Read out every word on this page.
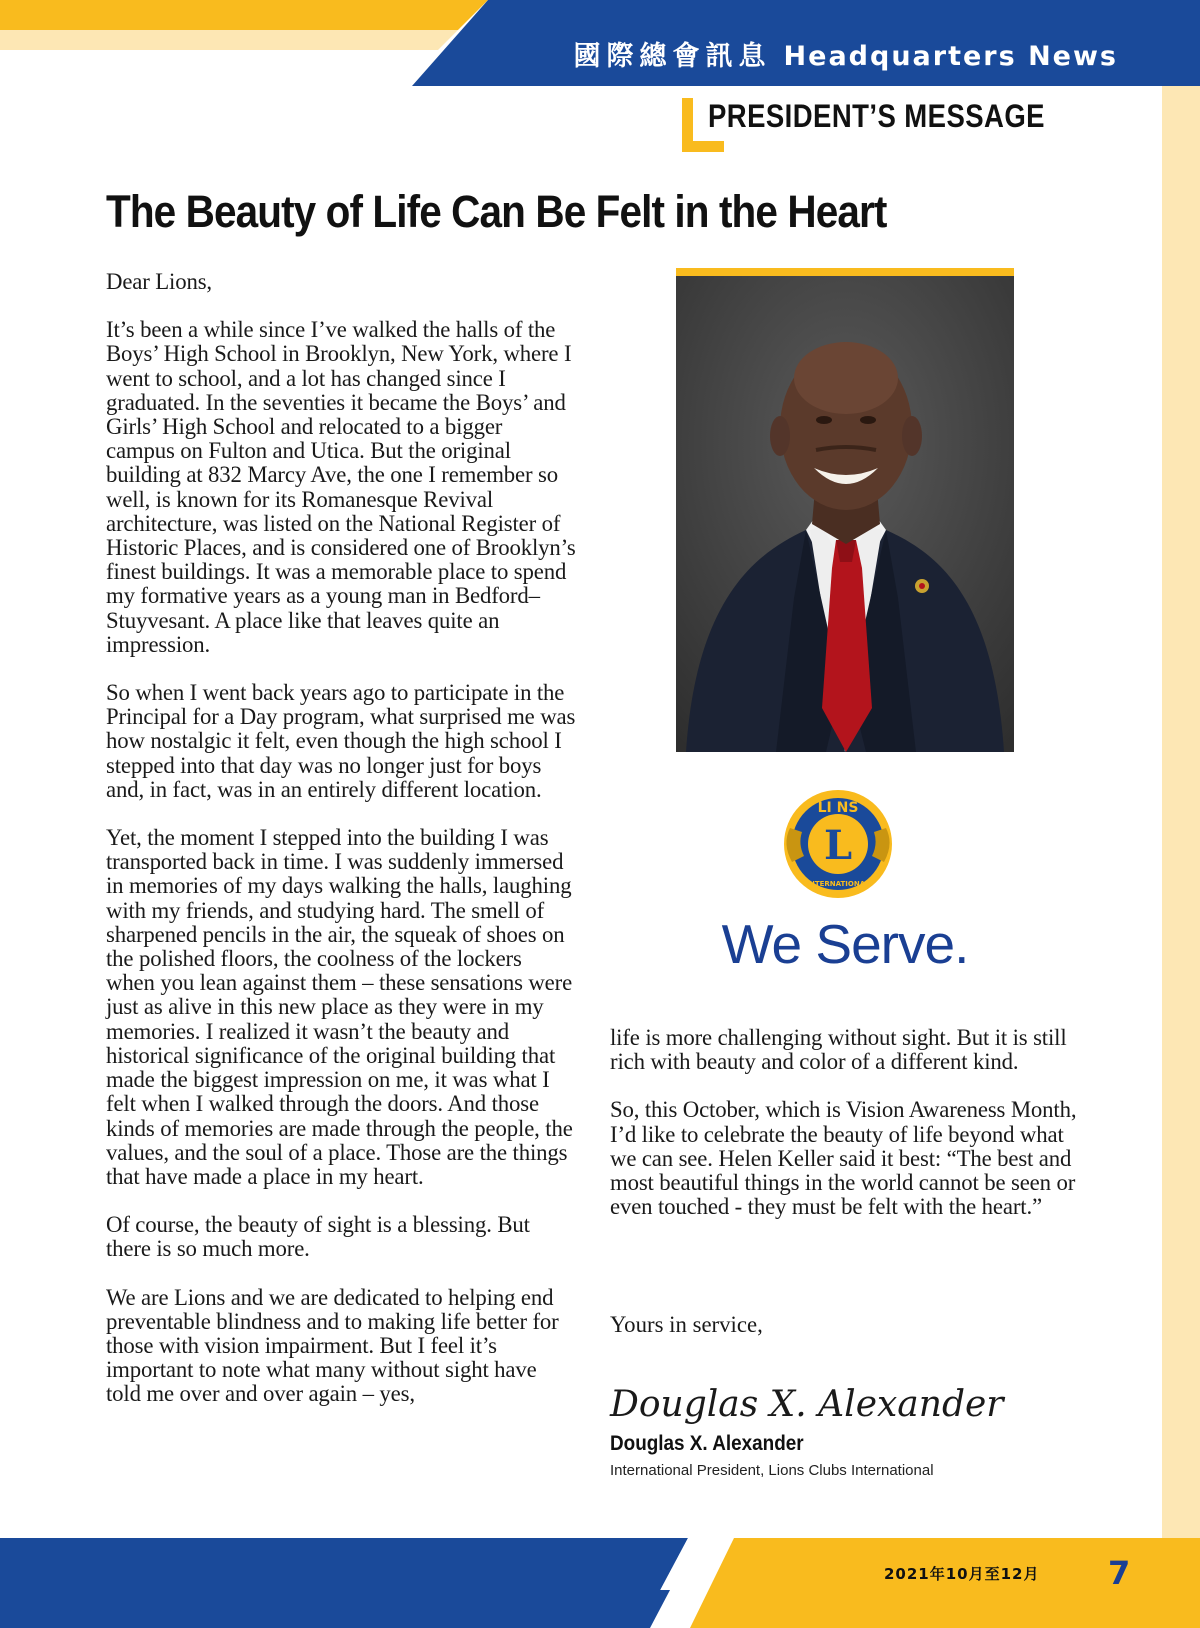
國際總會訊息 Headquarters News
PRESIDENT’S MESSAGE
The Beauty of Life Can Be Felt in the Heart

Dear Lions,

It’s been a while since I’ve walked the halls of the Boys’ High School in Brooklyn, New York, where I went to school, and a lot has changed since I graduated. In the seventies it became the Boys’ and Girls’ High School and relocated to a bigger campus on Fulton and Utica. But the original building at 832 Marcy Ave, the one I remember so well, is known for its Romanesque Revival architecture, was listed on the National Register of Historic Places, and is considered one of Brooklyn’s finest buildings. It was a memorable place to spend my formative years as a young man in Bedford–Stuyvesant. A place like that leaves quite an impression.

So when I went back years ago to participate in the Principal for a Day program, what surprised me was how nostalgic it felt, even though the high school I stepped into that day was no longer just for boys and, in fact, was in an entirely different location.

Yet, the moment I stepped into the building I was transported back in time. I was suddenly immersed in memories of my days walking the halls, laughing with my friends, and studying hard. The smell of sharpened pencils in the air, the squeak of shoes on the polished floors, the coolness of the lockers when you lean against them – these sensations were just as alive in this new place as they were in my memories. I realized it wasn’t the beauty and historical significance of the original building that made the biggest impression on me, it was what I felt when I walked through the doors. And those kinds of memories are made through the people, the values, and the soul of a place. Those are the things that have made a place in my heart.

Of course, the beauty of sight is a blessing. But there is so much more.

We are Lions and we are dedicated to helping end preventable blindness and to making life better for those with vision impairment. But I feel it’s important to note what many without sight have told me over and over again – yes,

LI NS
INTERNATIONAL
L
We Serve.

life is more challenging without sight. But it is still rich with beauty and color of a different kind.

So, this October, which is Vision Awareness Month, I’d like to celebrate the beauty of life beyond what we can see. Helen Keller said it best: “The best and most beautiful things in the world cannot be seen or even touched - they must be felt with the heart.”

Yours in service,
Douglas X. Alexander
Douglas X. Alexander
International President, Lions Clubs International
2021年10月至12月 7
